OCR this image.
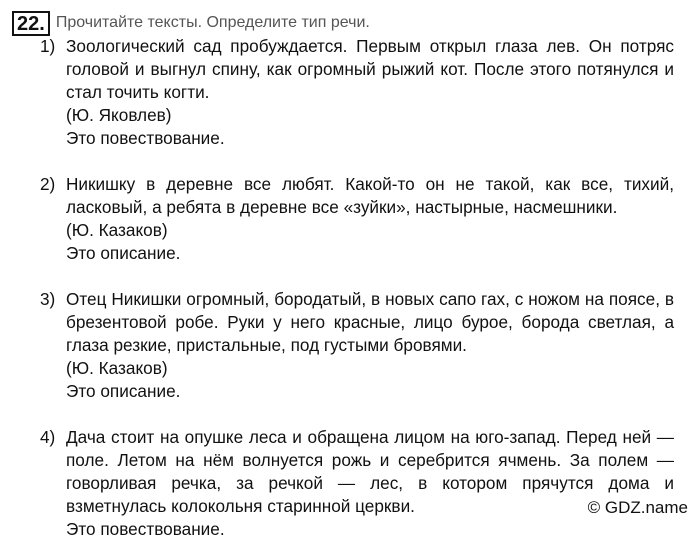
22. Прочитайте тексты. Определите тип речи.
1) Зоологический сад пробуждается. Первым открыл глаза лев. Он потряс головой и выгнул спину, как огромный рыжий кот. После этого потянулся и стал точить когти.
(Ю. Яковлев)
Это повествование.
2) Никишку в деревне все любят. Какой-то он не такой, как все, тихий, ласковый, а ребята в деревне все «зуйки», настырные, насмешники.
(Ю. Казаков)
Это описание.
3) Отец Никишки огромный, бородатый, в новых сапо гах, с ножом на поясе, в брезентовой робе. Руки у него красные, лицо бурое, борода светлая, а глаза резкие, пристальные, под густыми бровями.
(Ю. Казаков)
Это описание.
4) Дача стоит на опушке леса и обращена лицом на юго-запад. Перед ней — поле. Летом на нём волнуется рожь и серебрится ячмень. За полем — говорливая речка, за речкой — лес, в котором прячутся дома и взметнулась колокольня старинной церкви.
Это повествование.
© GDZ.name
